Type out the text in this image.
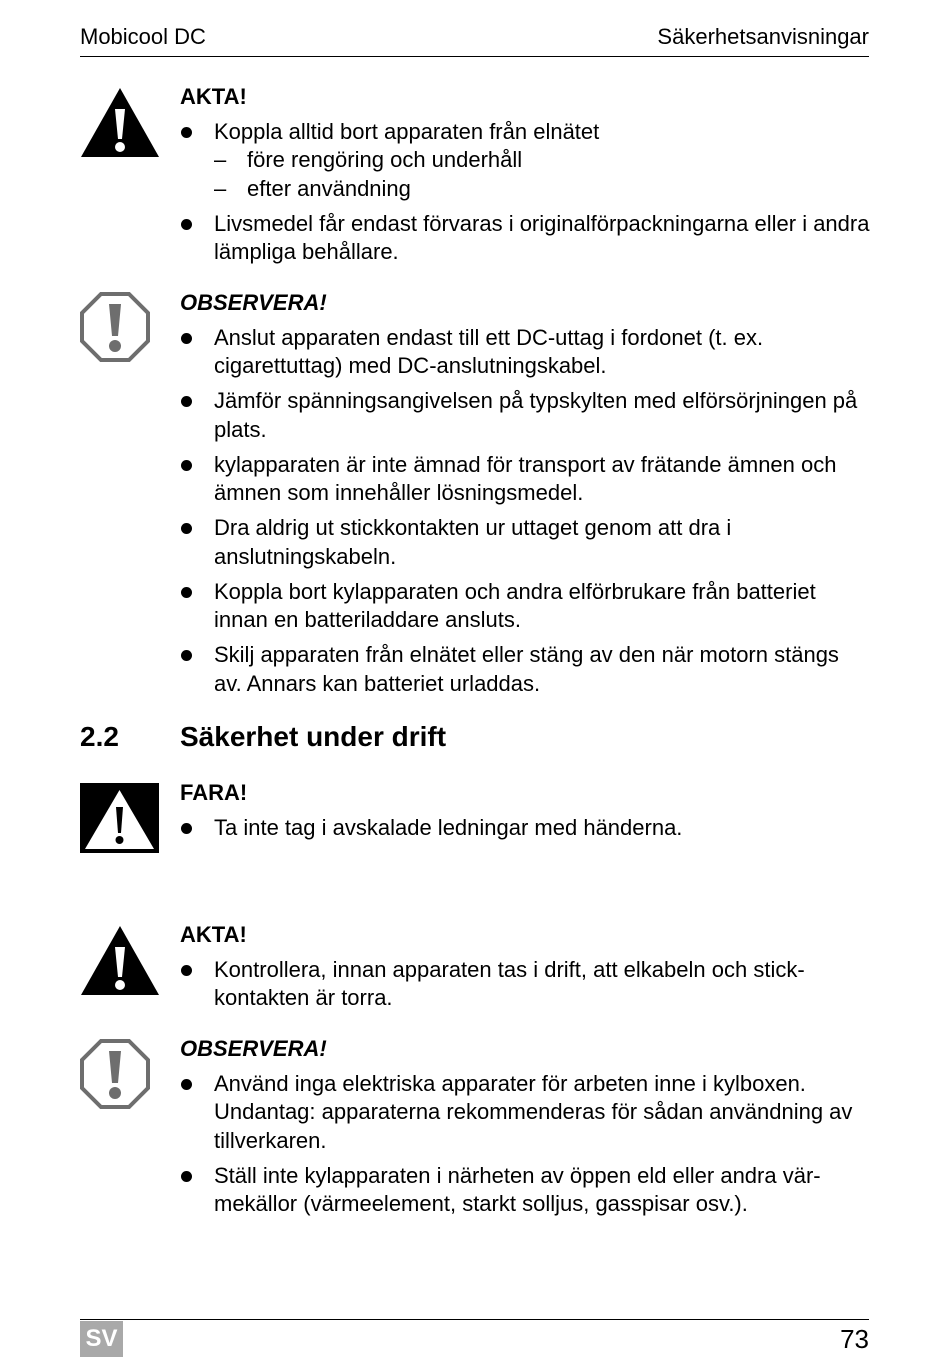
Mobicool DC	Säkerhetsanvisningar
AKTA!
Koppla alltid bort apparaten från elnätet
– före rengöring och underhåll
– efter användning
Livsmedel får endast förvaras i originalförpackningarna eller i andra lämpliga behållare.
OBSERVERA!
Anslut apparaten endast till ett DC-uttag i fordonet (t. ex. cigarettuttag) med DC-anslutningskabel.
Jämför spänningsangivelsen på typskylten med elförsörjningen på plats.
kylapparaten är inte ämnad för transport av frätande ämnen och ämnen som innehåller lösningsmedel.
Dra aldrig ut stickkontakten ur uttaget genom att dra i anslutningskabeln.
Koppla bort kylapparaten och andra elförbrukare från batteriet innan en batteriladdare ansluts.
Skilj apparaten från elnätet eller stäng av den när motorn stängs av. Annars kan batteriet urladdas.
2.2 Säkerhet under drift
FARA!
Ta inte tag i avskalade ledningar med händerna.
AKTA!
Kontrollera, innan apparaten tas i drift, att elkabeln och stick-kontakten är torra.
OBSERVERA!
Använd inga elektriska apparater för arbeten inne i kylboxen. Undantag: apparaterna rekommenderas för sådan användning av tillverkaren.
Ställ inte kylapparaten i närheten av öppen eld eller andra vär-mekällor (värmeelement, starkt solljus, gasspisar osv.).
SV	73
